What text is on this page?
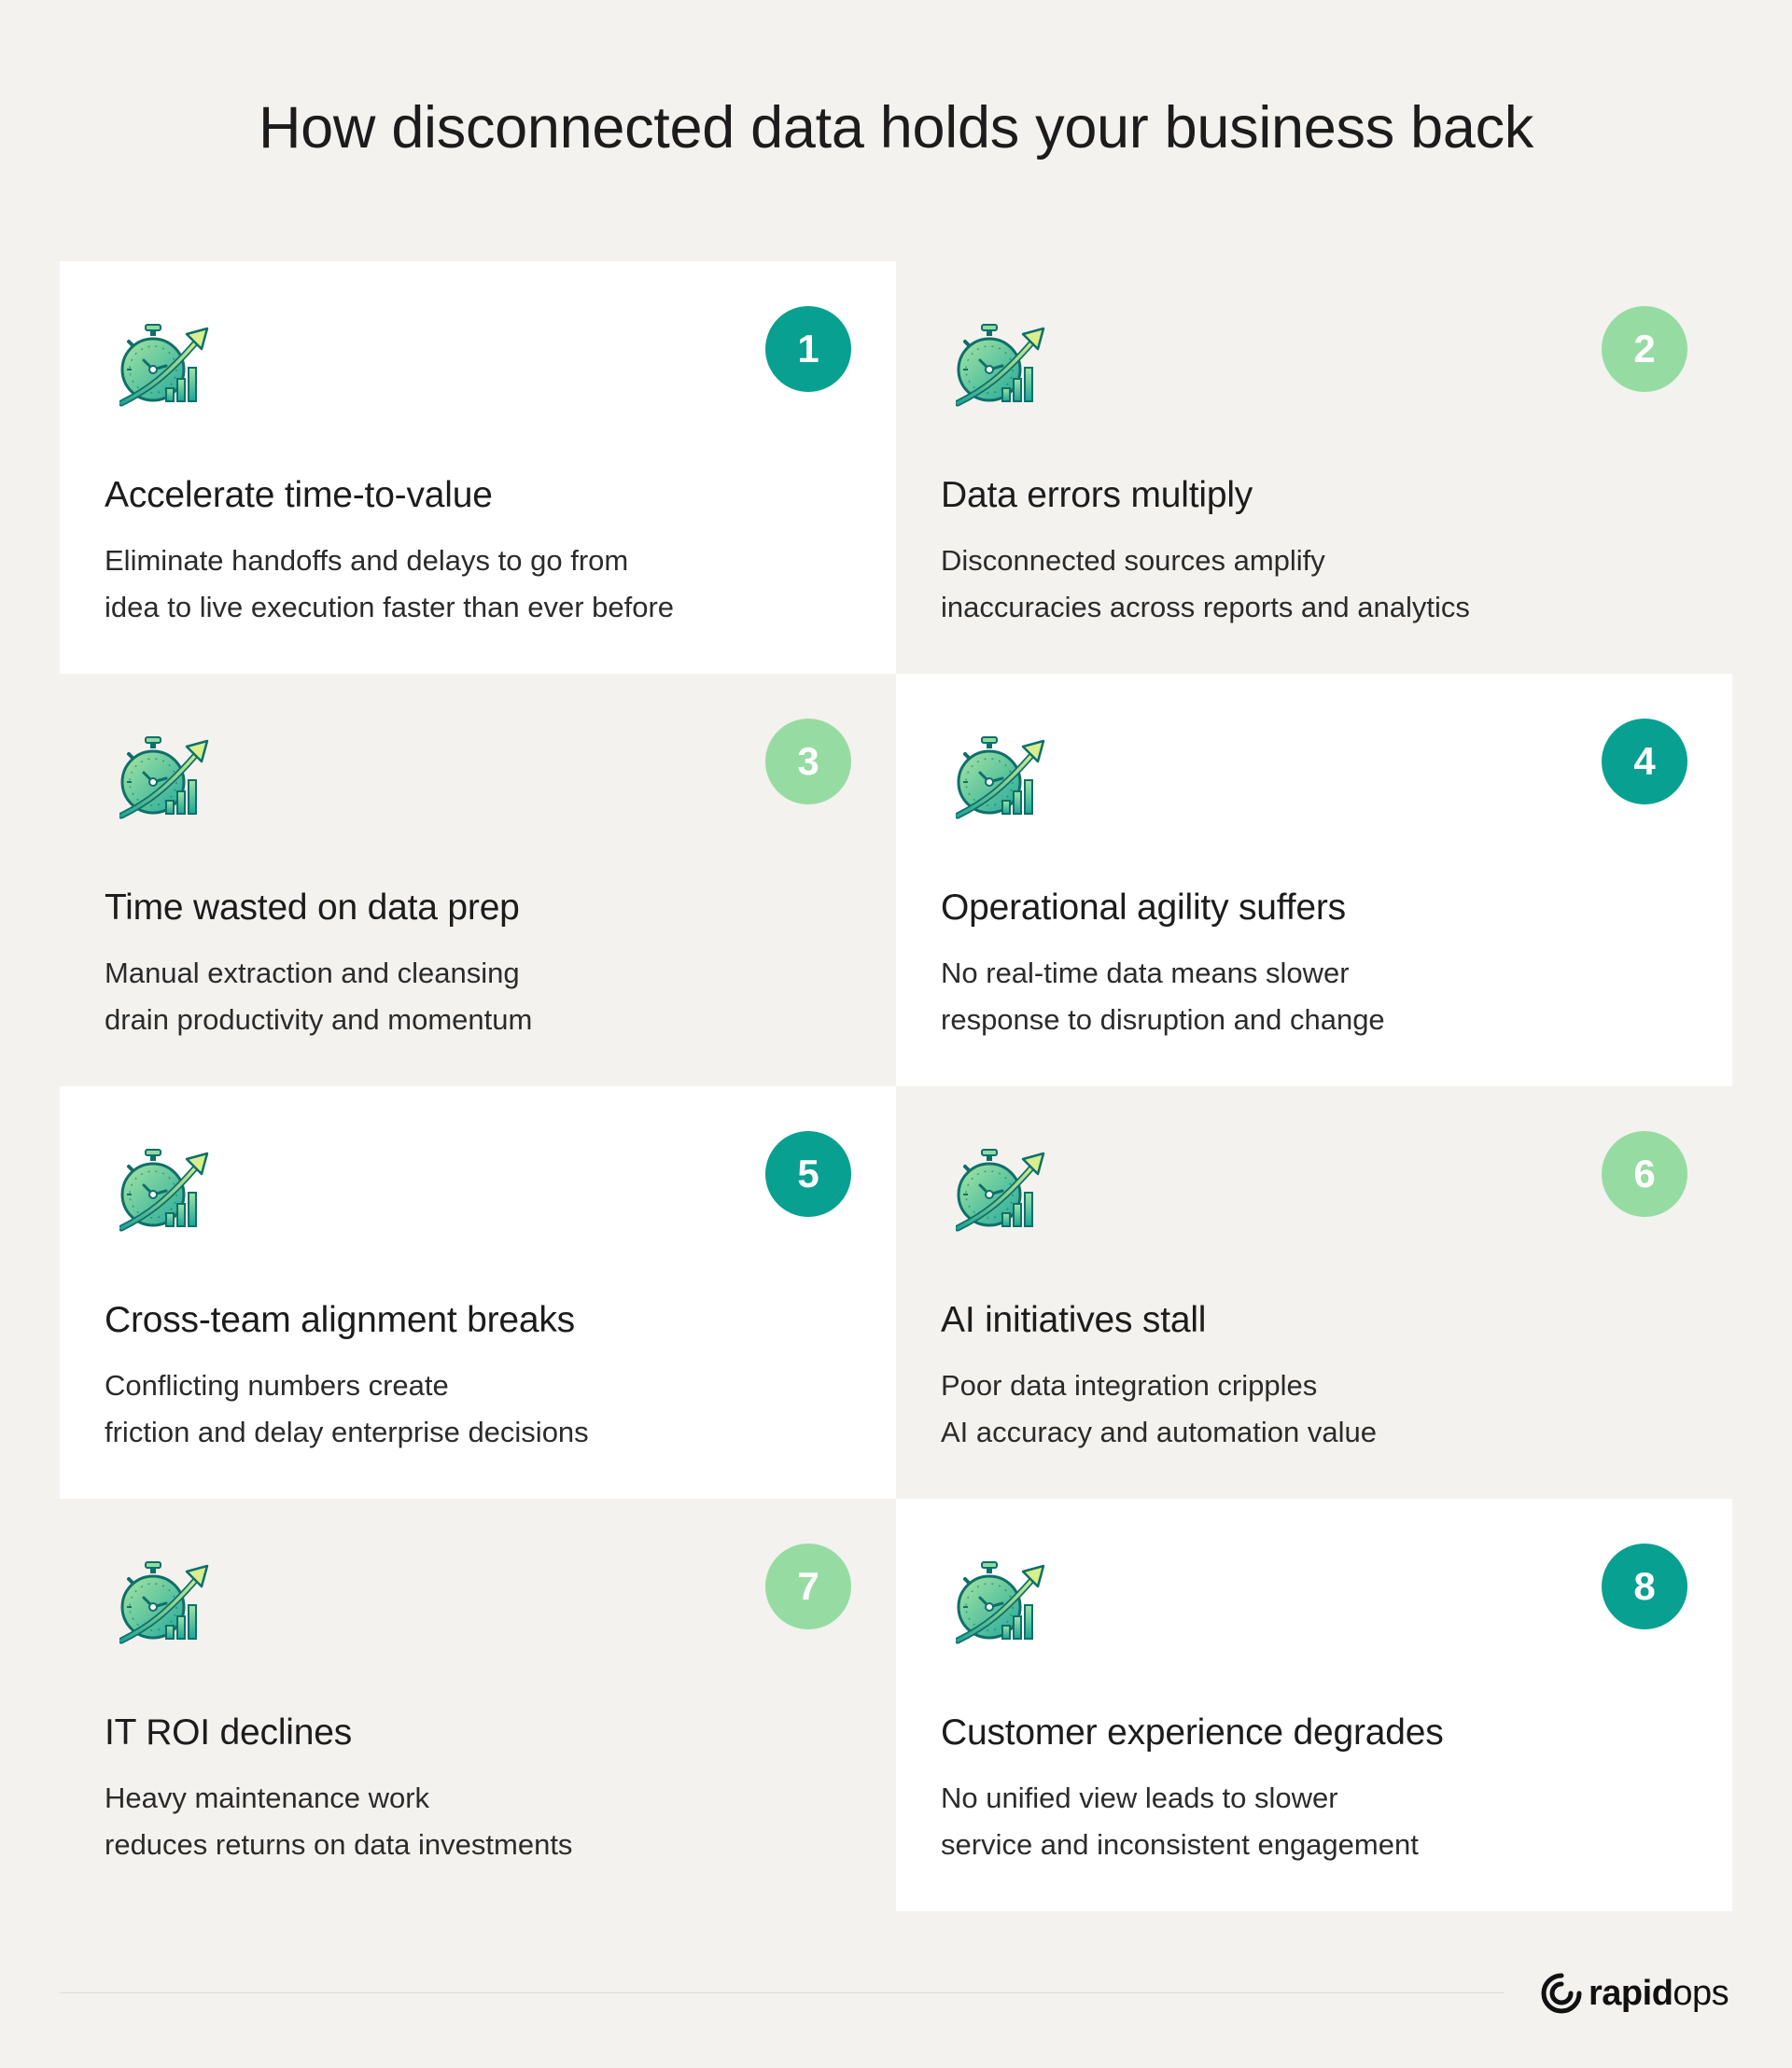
How disconnected data holds your business back
1
Accelerate time-to-value

Eliminate handoffs and delays to go from
idea to live execution faster than ever before

2
Data errors multiply

Disconnected sources amplify
inaccuracies across reports and analytics

3
Time wasted on data prep

Manual extraction and cleansing
drain productivity and momentum

4
Operational agility suffers

No real-time data means slower
response to disruption and change

5
Cross-team alignment breaks

Conflicting numbers create
friction and delay enterprise decisions

6
AI initiatives stall

Poor data integration cripples
AI accuracy and automation value

7
IT ROI declines

Heavy maintenance work
reduces returns on data investments

8
Customer experience degrades

No unified view leads to slower
service and inconsistent engagement

rapidops
